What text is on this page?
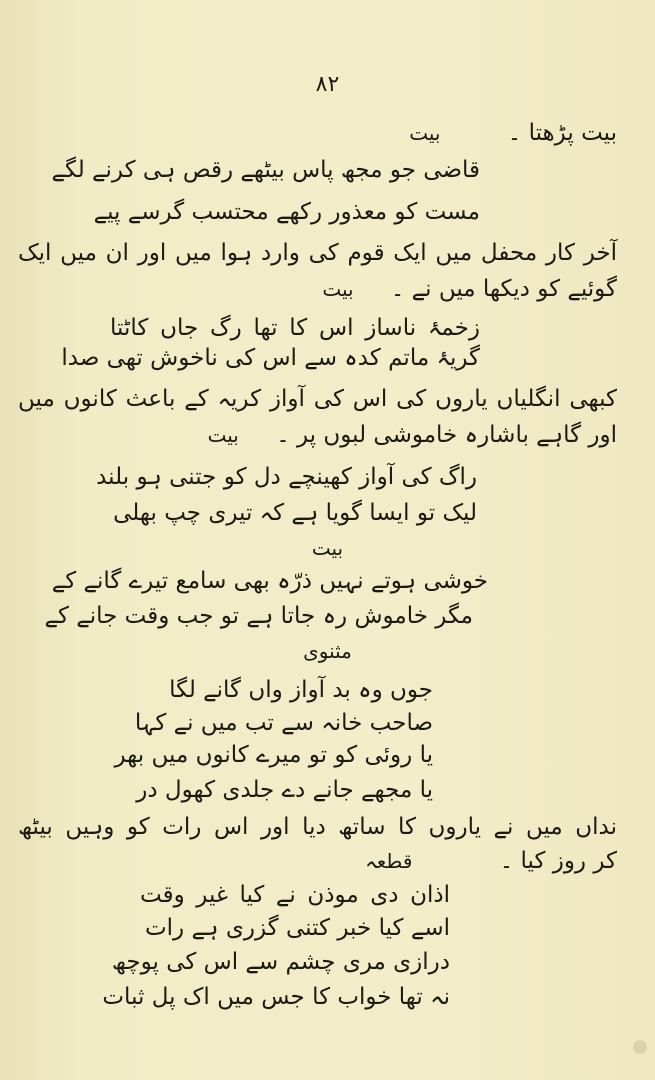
۸۲
بیت پڑھتا ۔ بیت
قاضی جو مجھ پاس بیٹھے رقص ہی کرنے لگے
مست کو معذور رکھے محتسب گرسے پیے
آخر کار محفل میں ایک قوم کی وارد ہوا میں اور ان میں ایک
گوئیے کو دیکھا میں نے ۔ بیت
زخمۂ ناساز اس کا تھا رگ جاں کاٹتا
گریۂ ماتم کدہ سے اس کی ناخوش تھی صدا
کبھی انگلیاں یاروں کی اس کی آواز کریہ کے باعث کانوں میں
اور گاہے باشارہ خاموشی لبوں پر ۔ بیت
راگ کی آواز کھینچے دل کو جتنی ہو بلند
لیک تو ایسا گویا ہے کہ تیری چپ بھلی
بیت
خوشی ہوتے نہیں ذرّہ بھی سامع تیرے گانے کے
مگر خاموش رہ جاتا ہے تو جب وقت جانے کے
مثنوی
جوں وہ بد آواز واں گانے لگا
صاحب خانہ سے تب میں نے کہا
یا روئی کو تو میرے کانوں میں بھر
یا مجھے جانے دے جلدی کھول در
نداں میں نے یاروں کا ساتھ دیا اور اس رات کو وہیں بیٹھ
کر روز کیا ۔ قطعہ
اذان دی موذن نے کیا غیر وقت
اسے کیا خبر کتنی گزری ہے رات
درازی مری چشم سے اس کی پوچھ
نہ تھا خواب کا جس میں اک پل ثبات
